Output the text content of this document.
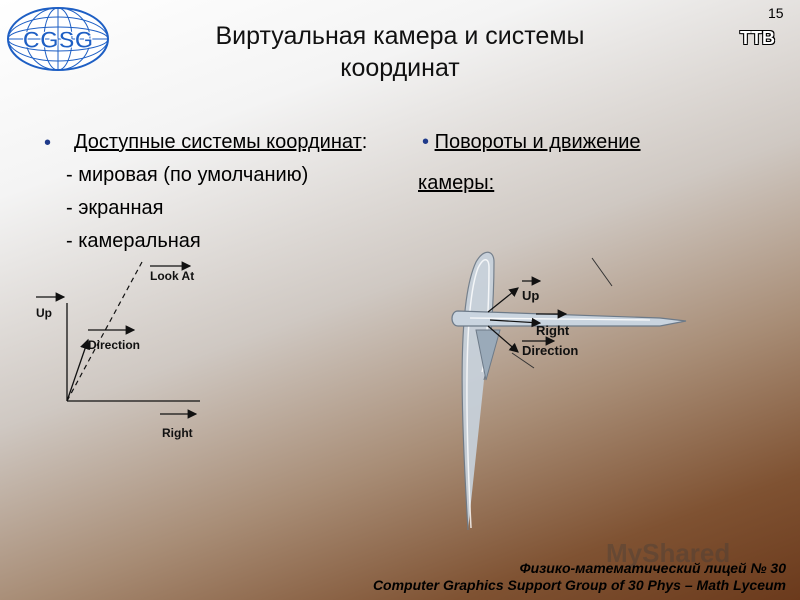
CGSG
15
TTB
Виртуальная камера и системы
координат
• Доступные системы координат:
- мировая (по умолчанию)
- экранная
- камеральная
• Повороты и движение
камеры:
Look At
Up
Direction
Right
Up
Right
Direction
MyShared
Физико-математический лицей № 30
Computer Graphics Support Group of 30 Phys – Math Lyceum
